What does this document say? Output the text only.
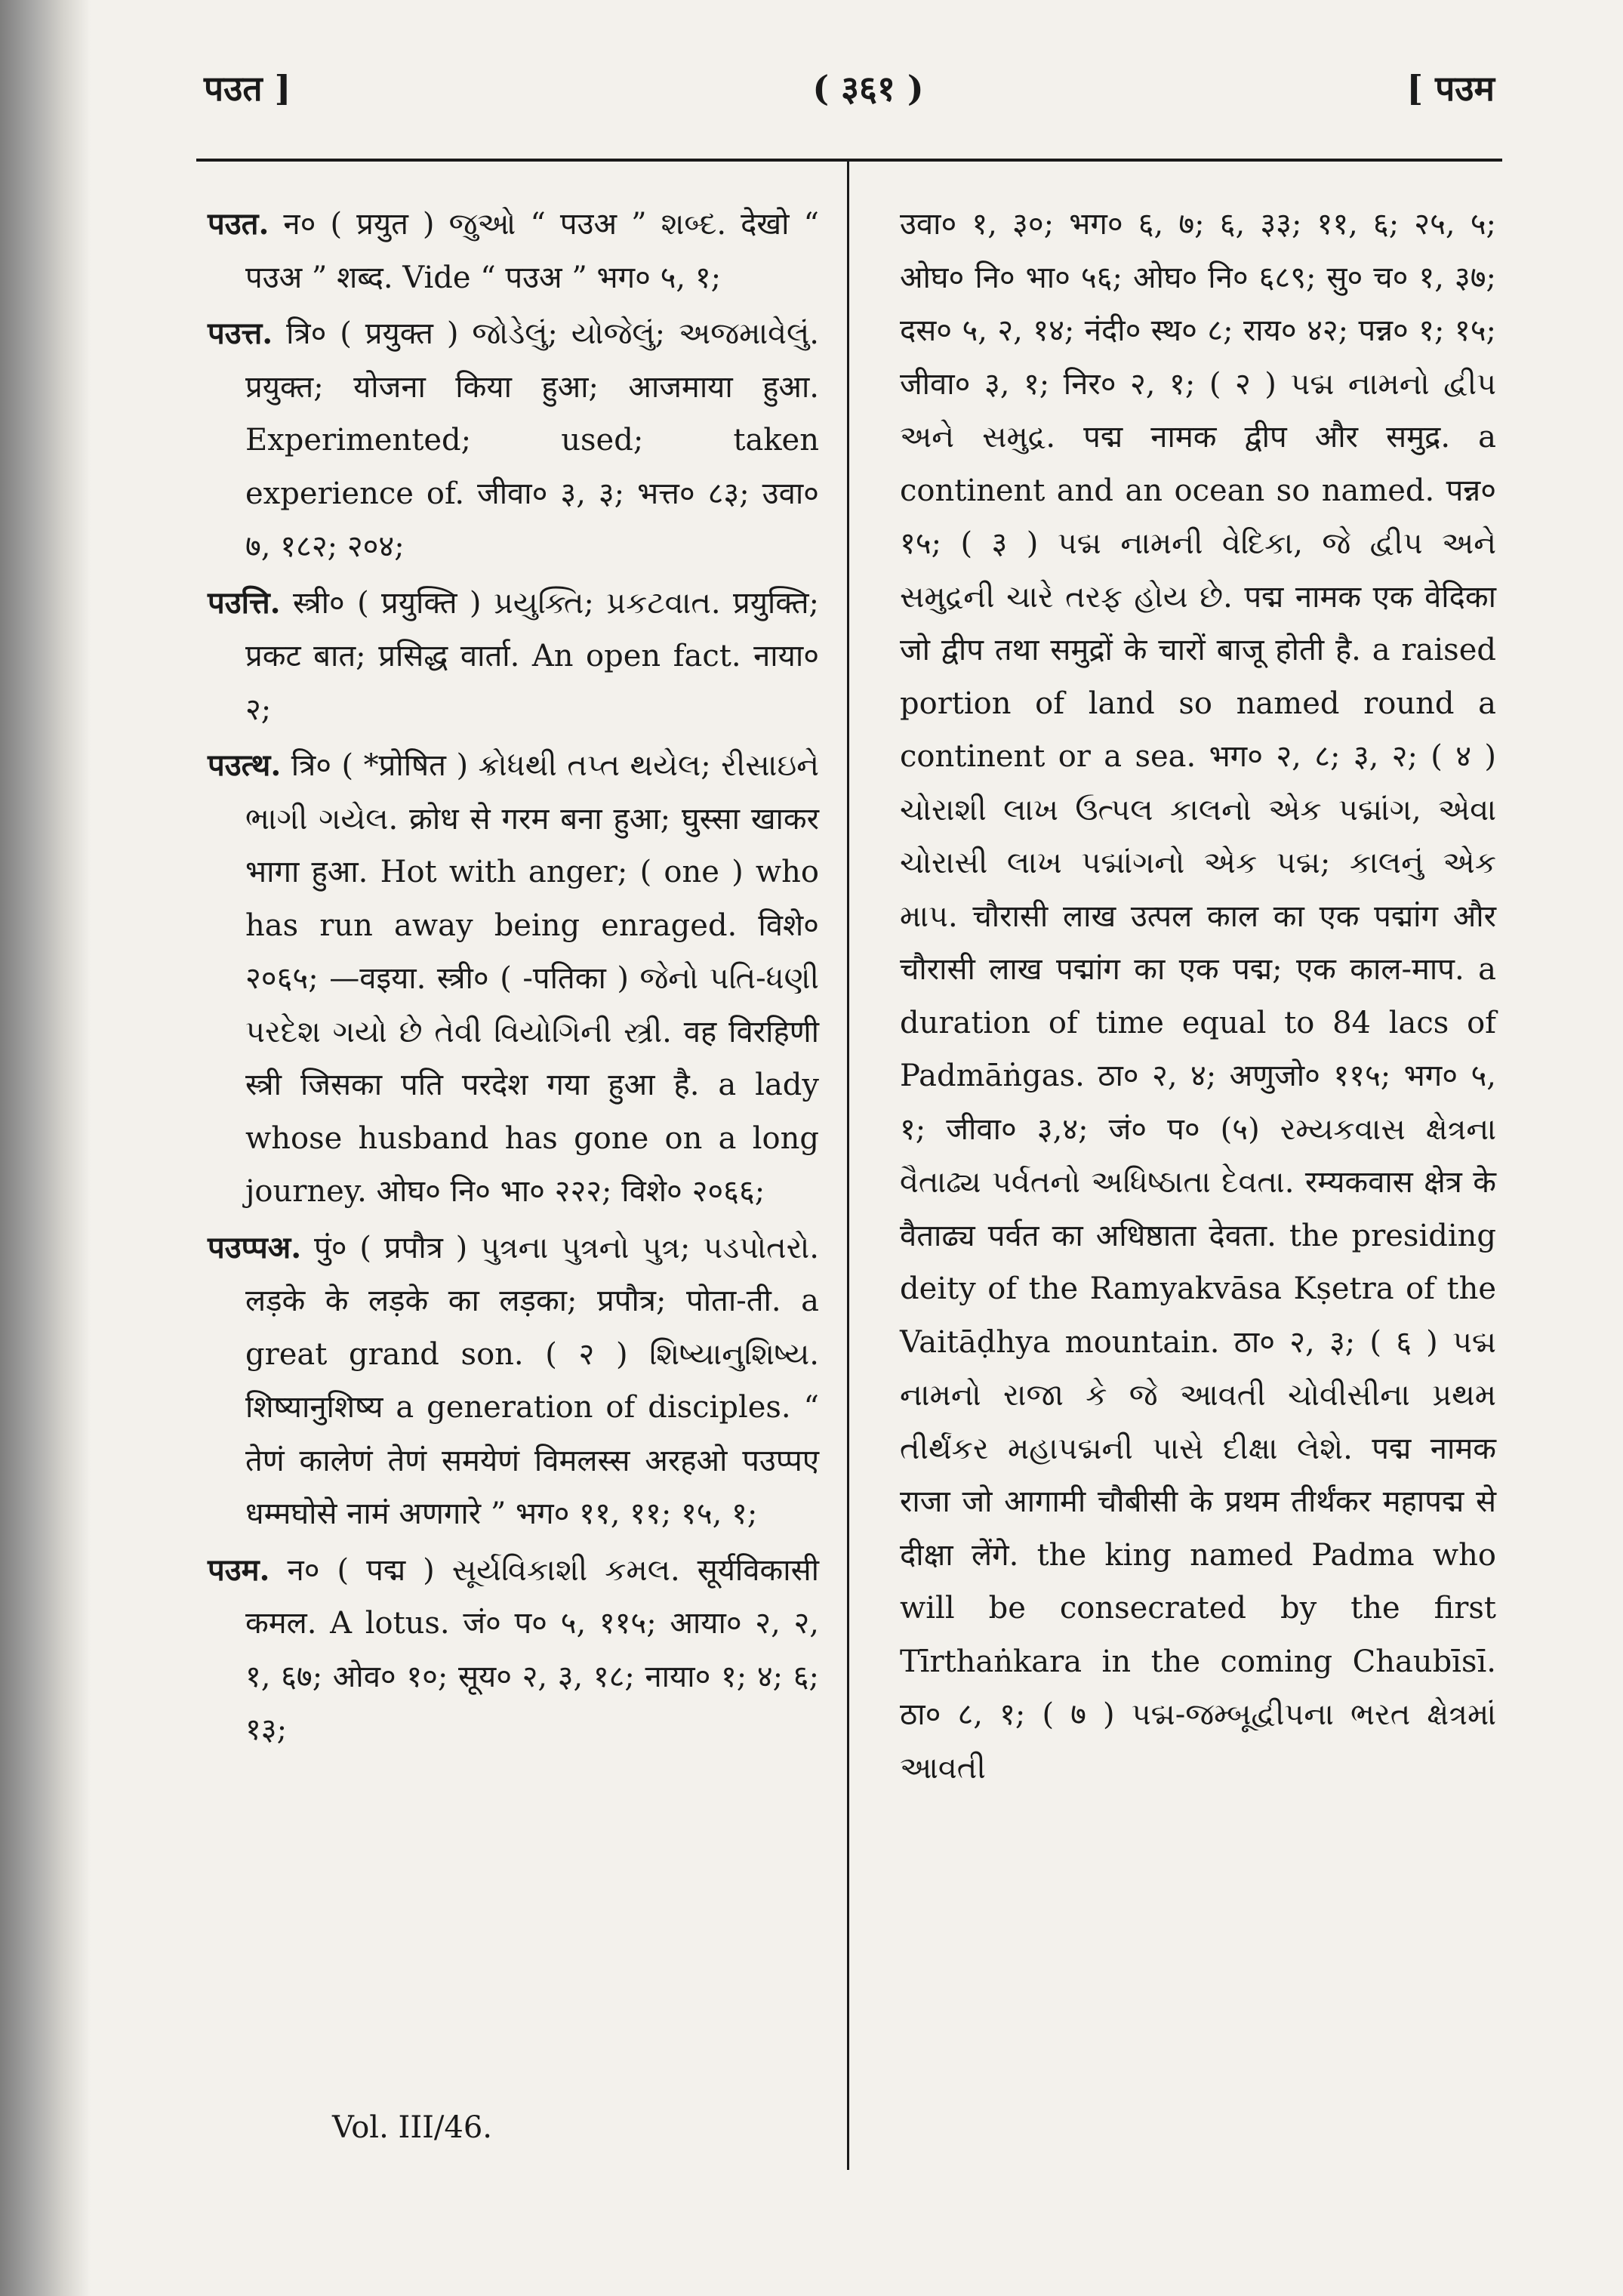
पउत ]	( ३६१ )	[ पउम

पउत. न० ( प्रयुत ) જુઓ “ पउअ ” શબ્દ. देखो “ पउअ ” शब्द. Vide “ पउअ ” भग० ५, १;

पउत्त. त्रि० ( प्रयुक्त ) જોડેલું; યોજેલું; અજમાવેલું. प्रयुक्त; योजना किया हुआ; आजमाया हुआ. Experimented; used; taken experience of. जीवा० ३, ३; भत्त० ८३; उवा० ७, १८२; २०४;

पउत्ति. स्त्री० ( प्रयुक्ति ) પ્રયુક્તિ; પ્રકટવાત. प्रयुक्ति; प्रकट बात; प्रसिद्ध वार्ता. An open fact. नाया० २;

पउत्थ. त्रि० ( *प्रोषित ) ક્રોધથી તપ્ત થયેલ; રીસાઇને ભાગી ગયેલ. क्रोध से गरम बना हुआ; घुस्सा खाकर भागा हुआ. Hot with anger; ( one ) who has run away being enraged. विशे० २०६५; —वइया. स्त्री० ( -पतिका ) જેનો પતિ-ધણી પરદેશ ગયો છે તેવી વિયોગિની સ્ત્રી. वह विरहिणी स्त्री जिसका पति परदेश गया हुआ है. a lady whose husband has gone on a long journey. ओघ० नि० भा० २२२; विशे० २०६६;

पउप्पअ. पुं० ( प्रपौत्र ) પુત્રના પુત્રનો પુત્ર; પડપોતરો. लड़के के लड़के का लड़का; प्रपौत्र; पोता-ती. a great grand son. ( २ ) શિષ્યાનુશિષ્ય. शिष्यानुशिष्य a generation of disciples. “ तेणं कालेणं तेणं समयेणं विमलस्स अरहओ पउप्पए धम्मघोसे नामं अणगारे ” भग० ११, ११; १५, १;

पउम. न० ( पद्म ) સૂર્યવિકાશી કમલ. सूर्यविकासी कमल. A lotus. जं० प० ५, ११५; आया० २, २, १, ६७; ओव० १०; सूय० २, ३, १८; नाया० १; ४; ६; १३;

उवा० १, ३०; भग० ६, ७; ६, ३३; ११, ६; २५, ५; ओघ० नि० भा० ५६; ओघ० नि० ६८९; सु० च० १, ३७; दस० ५, २, १४; नंदी० स्थ० ८; राय० ४२; पन्न० १; १५; जीवा० ३, १; निर० २, १; ( २ ) પદ્મ નામનો દ્વીપ અને સમુદ્ર. पद्म नामक द्वीप और समुद्र. a continent and an ocean so named. पन्न० १५; ( ३ ) પદ્મ નામની વેદિકા, જે દ્વીપ અને સમુદ્રની ચારે તરફ હોય છે. पद्म नामक एक वेदिका जो द्वीप तथा समुद्रों के चारों बाजू होती है. a raised portion of land so named round a continent or a sea. भग० २, ८; ३, २; ( ४ ) ચોરાશી લાખ ઉત્પલ કાલનો એક પદ્માંગ, એવા ચોરાસી લાખ પદ્માંગનો એક પદ્મ; કાલનું એક માપ. चौरासी लाख उत्पल काल का एक पद्मांग और चौरासी लाख पद्मांग का एक पद्म; एक काल-माप. a duration of time equal to 84 lacs of Padmāṅgas. ठा० २, ४; अणुजो० ११५; भग० ५, १; जीवा० ३,४; जं० प० (५) રમ્યકવાસ ક્ષેત્રના વૈતાઢ્ય પર્વતનો અધિષ્ઠાતા દેવતા. रम्यकवास क्षेत्र के वैताढ्य पर्वत का अधिष्ठाता देवता. the presiding deity of the Ramyakvāsa Kṣetra of the Vaitāḍhya mountain. ठा० २, ३; ( ६ ) પદ્મ નામનો રાજા કે જે આવતી ચોવીસીના પ્રથમ તીર્થંકર મહાપદ્મની પાસે દીક્ષા લેશે. पद्म नामक राजा जो आगामी चौबीसी के प्रथम तीर्थंकर महापद्म से दीक्षा लेंगे. the king named Padma who will be consecrated by the first Tīrthaṅkara in the coming Chaubīsī. ठा० ८, १; ( ७ ) પદ્મ-જમ્બૂદ્વીપના ભરત ક્ષેત્રમાં આવતી

Vol. III/46.
